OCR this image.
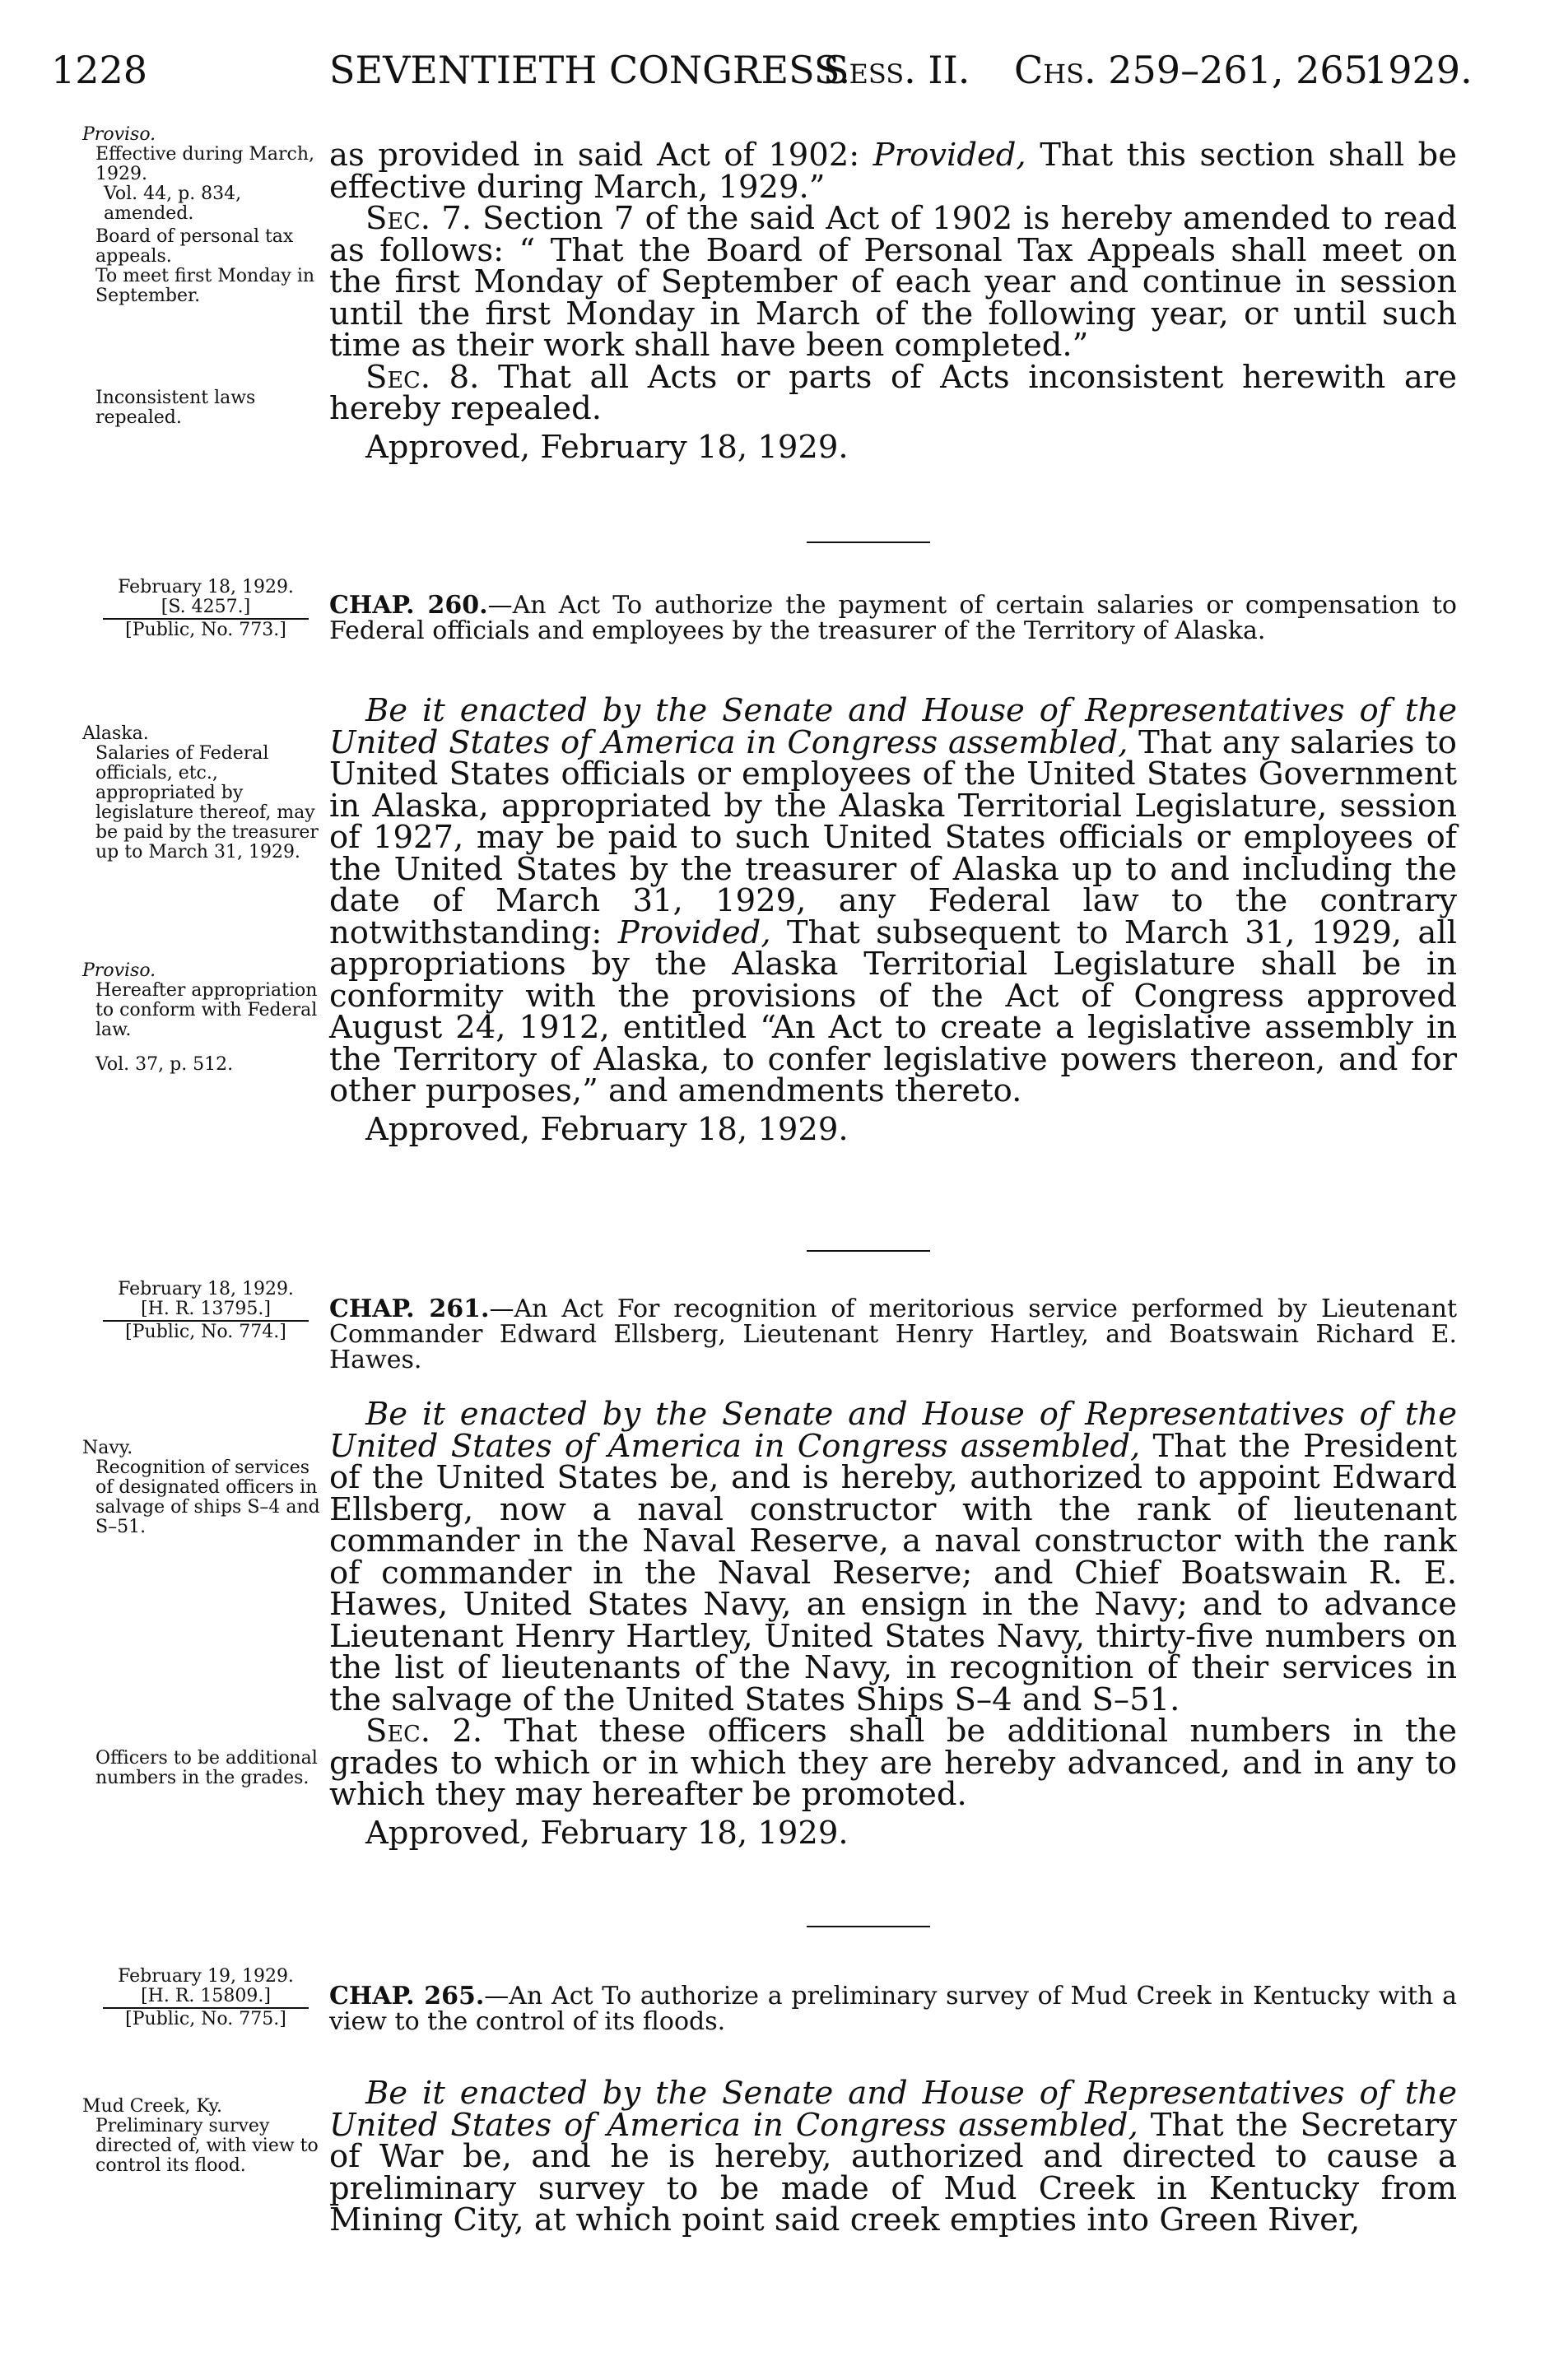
1228	SEVENTIETH CONGRESS.
Sess. II. Chs. 259–261, 265.
1929.
Proviso.
Effective during March, 1929.
Vol. 44, p. 834, amended.
Board of personal tax appeals.
To meet first Monday in September.
Inconsistent laws repealed.

as provided in said Act of 1902: Provided, That this section shall be effective during March, 1929.”

Sec. 7. Section 7 of the said Act of 1902 is hereby amended to read as follows: “ That the Board of Personal Tax Appeals shall meet on the first Monday of September of each year and continue in session until the first Monday in March of the following year, or until such time as their work shall have been completed.”

Sec. 8. That all Acts or parts of Acts inconsistent herewith are hereby repealed.

Approved, February 18, 1929.

February 18, 1929.
[S. 4257.]
[Public, No. 773.]
CHAP. 260.—An Act To authorize the payment of certain salaries or compensation to Federal officials and employees by the treasurer of the Territory of Alaska.
Alaska.
Salaries of Federal officials, etc., appropriated by legislature thereof, may be paid by the treasurer up to March 31, 1929.
Proviso.
Hereafter appropriation to conform with Federal law.
Vol. 37, p. 512.

Be it enacted by the Senate and House of Representatives of the United States of America in Congress assembled, That any salaries to United States officials or employees of the United States Government in Alaska, appropriated by the Alaska Territorial Legislature, session of 1927, may be paid to such United States officials or employees of the United States by the treasurer of Alaska up to and including the date of March 31, 1929, any Federal law to the contrary notwithstanding: Provided, That subsequent to March 31, 1929, all appropriations by the Alaska Territorial Legislature shall be in conformity with the provisions of the Act of Congress approved August 24, 1912, entitled “An Act to create a legislative assembly in the Territory of Alaska, to confer legislative powers thereon, and for other purposes,” and amendments thereto.

Approved, February 18, 1929.

February 18, 1929.
[H. R. 13795.]
[Public, No. 774.]
CHAP. 261.—An Act For recognition of meritorious service performed by Lieutenant Commander Edward Ellsberg, Lieutenant Henry Hartley, and Boatswain Richard E. Hawes.
Navy.
Recognition of services of designated officers in salvage of ships S–4 and S–51.
Officers to be additional numbers in the grades.

Be it enacted by the Senate and House of Representatives of the United States of America in Congress assembled, That the President of the United States be, and is hereby, authorized to appoint Edward Ellsberg, now a naval constructor with the rank of lieutenant commander in the Naval Reserve, a naval constructor with the rank of commander in the Naval Reserve; and Chief Boatswain R. E. Hawes, United States Navy, an ensign in the Navy; and to advance Lieutenant Henry Hartley, United States Navy, thirty-five numbers on the list of lieutenants of the Navy, in recognition of their services in the salvage of the United States Ships S–4 and S–51.

Sec. 2. That these officers shall be additional numbers in the grades to which or in which they are hereby advanced, and in any to which they may hereafter be promoted.

Approved, February 18, 1929.

February 19, 1929.
[H. R. 15809.]
[Public, No. 775.]
CHAP. 265.—An Act To authorize a preliminary survey of Mud Creek in Kentucky with a view to the control of its floods.
Mud Creek, Ky.
Preliminary survey directed of, with view to control its flood.

Be it enacted by the Senate and House of Representatives of the United States of America in Congress assembled, That the Secretary of War be, and he is hereby, authorized and directed to cause a preliminary survey to be made of Mud Creek in Kentucky from Mining City, at which point said creek empties into Green River,
